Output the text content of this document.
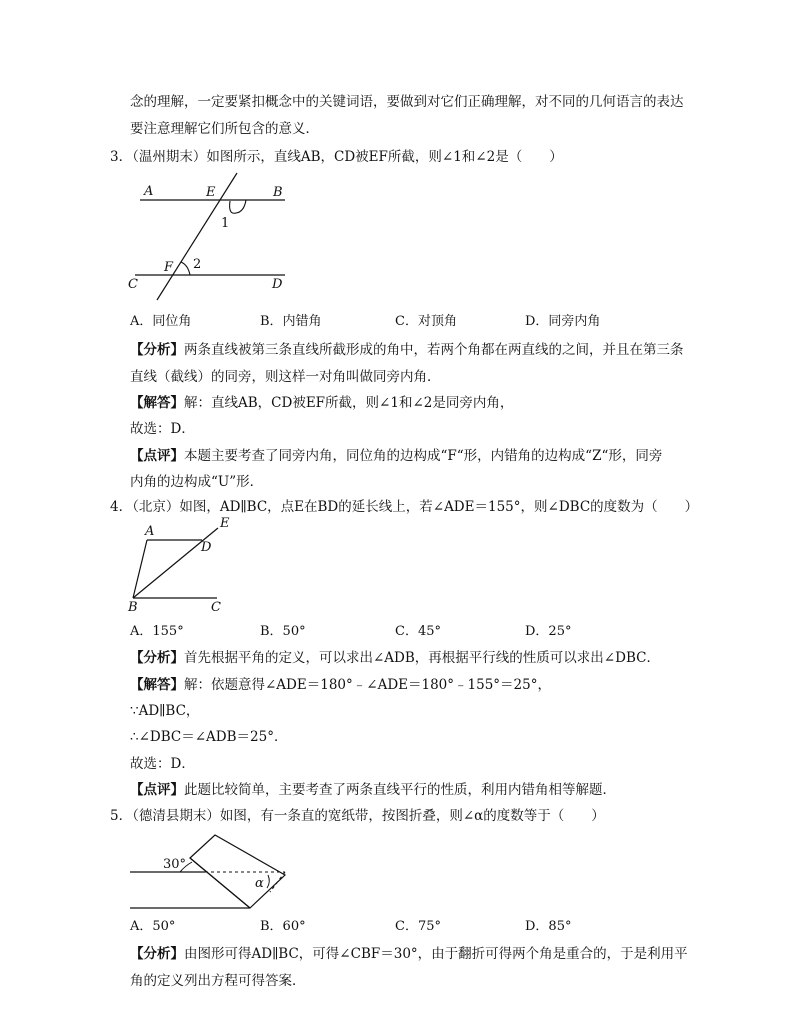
念的理解，一定要紧扣概念中的关键词语，要做到对它们正确理解，对不同的几何语言的表达
要注意理解它们所包含的意义．
3．（温州期末）如图所示，直线AB，CD被EF所截，则∠1和∠2是（　　）
A	E	B
1
F 2
C	D
A．同位角	B．内错角	C．对顶角	D．同旁内角
【分析】两条直线被第三条直线所截形成的角中，若两个角都在两直线的之间，并且在第三条
直线（截线）的同旁，则这样一对角叫做同旁内角．
【解答】解：直线AB，CD被EF所截，则∠1和∠2是同旁内角，
故选：D．
【点评】本题主要考查了同旁内角，同位角的边构成“F“形，内错角的边构成“Z“形，同旁
内角的边构成“U”形．
4．（北京）如图，AD∥BC，点E在BD的延长线上，若∠ADE＝155°，则∠DBC的度数为（　　）
A
E
D
B	C
A．155°	B．50°	C．45°	D．25°
【分析】首先根据平角的定义，可以求出∠ADB，再根据平行线的性质可以求出∠DBC．
【解答】解：依题意得∠ADE＝180°﹣∠ADE＝180°﹣155°＝25°，
∵AD∥BC，
∴∠DBC＝∠ADB＝25°．
故选：D．
【点评】此题比较简单，主要考查了两条直线平行的性质，利用内错角相等解题．
5．（德清县期末）如图，有一条直的宽纸带，按图折叠，则∠α的度数等于（　　）
30°
α
A．50°	B．60°	C．75°	D．85°
【分析】由图形可得AD∥BC，可得∠CBF＝30°，由于翻折可得两个角是重合的，于是利用平
角的定义列出方程可得答案．
